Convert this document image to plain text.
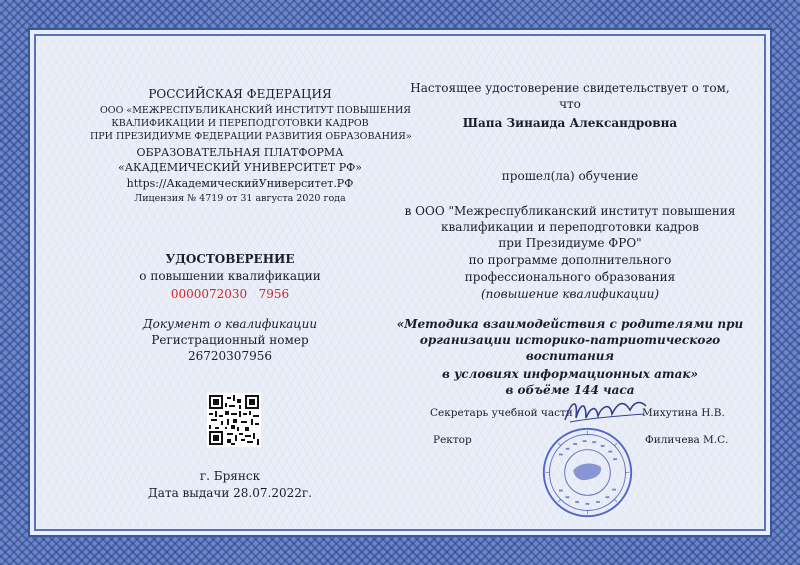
РОССИЙСКАЯ ФЕДЕРАЦИЯ
ООО «МЕЖРЕСПУБЛИКАНСКИЙ ИНСТИТУТ ПОВЫШЕНИЯ
КВАЛИФИКАЦИИ И ПЕРЕПОДГОТОВКИ КАДРОВ
ПРИ ПРЕЗИДИУМЕ ФЕДЕРАЦИИ РАЗВИТИЯ ОБРАЗОВАНИЯ»
ОБРАЗОВАТЕЛЬНАЯ ПЛАТФОРМА
«АКАДЕМИЧЕСКИЙ УНИВЕРСИТЕТ РФ»
https://АкадемическийУниверситет.РФ
Лицензия № 4719 от 31 августа 2020 года
УДОСТОВЕРЕНИЕ
о повышении квалификации
0000072030   7956
Документ о квалификации
Регистрационный номер
26720307956
г. Брянск
Дата выдачи 28.07.2022г.
Настоящее удостоверение свидетельствует о том,
что
Шапа Зинаида Александровна
прошел(ла) обучение
в ООО "Межреспубликанский институт повышения
квалификации и переподготовки кадров
при Президиуме ФРО"
по программе дополнительного
профессионального образования
(повышение квалификации)
«Методика взаимодействия с родителями при
организации историко-патриотического
воспитания
в условиях информационных атак»
в объёме 144 часа
Секретарь учебной части	Михутина Н.В.
Ректор	Филичева М.С.
